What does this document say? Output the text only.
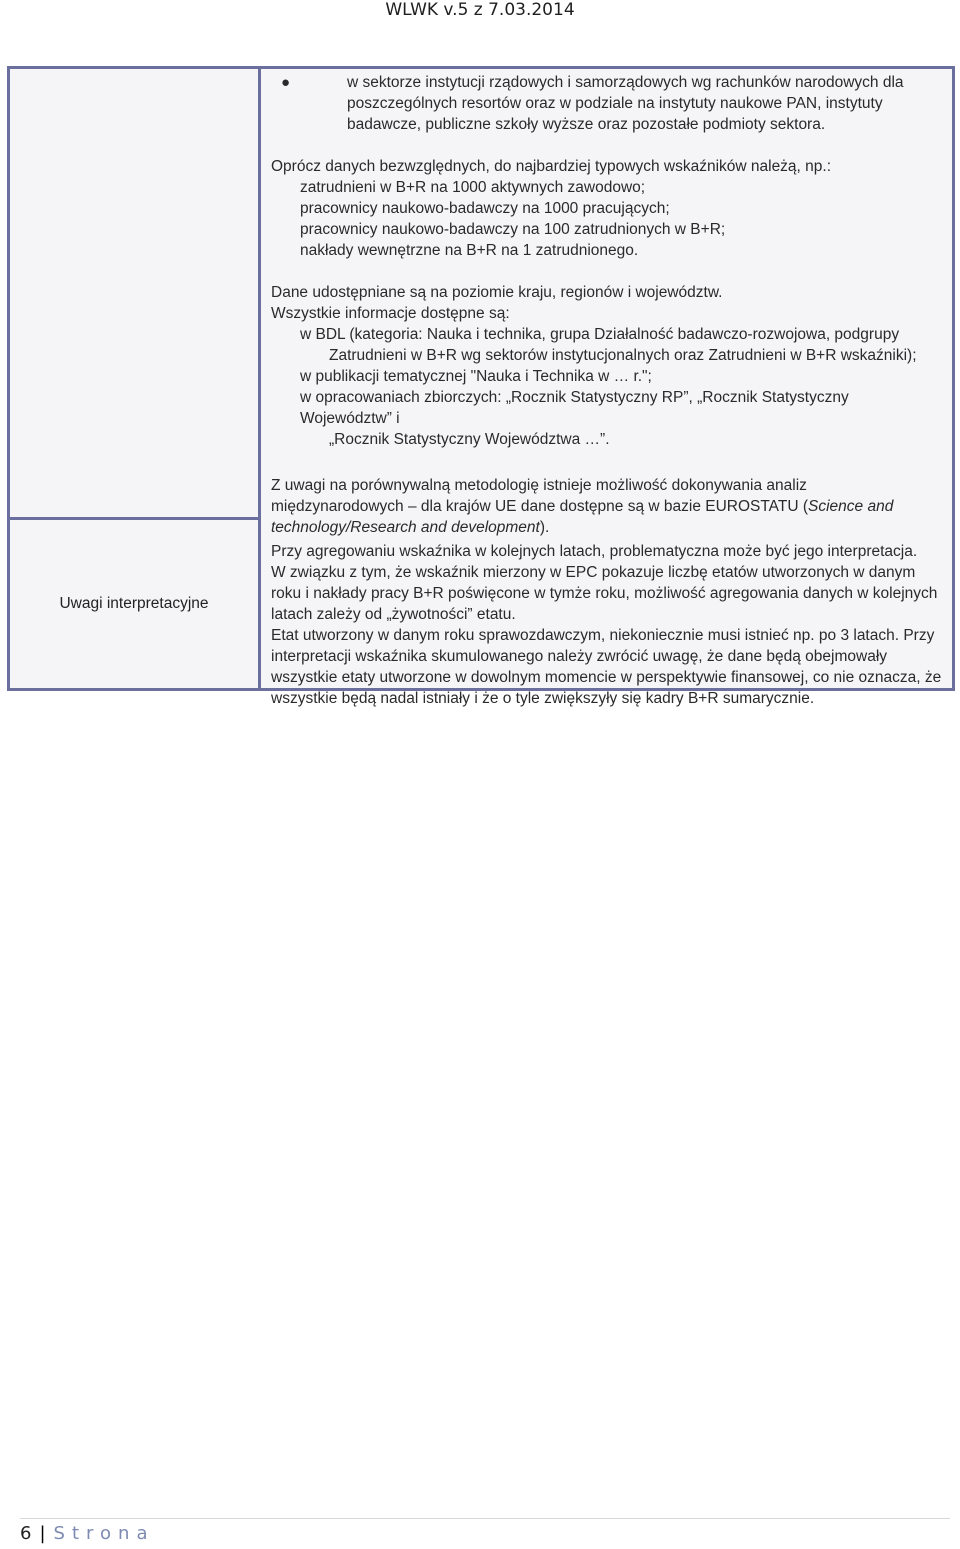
WLWK v.5 z 7.03.2014
Uwagi interpretacyjne
●	w sektorze instytucji rządowych i samorządowych wg rachunków narodowych dla poszczególnych resortów oraz w podziale na instytuty naukowe PAN, instytuty badawcze, publiczne szkoły wyższe oraz pozostałe podmioty sektora.

Oprócz danych bezwzględnych, do najbardziej typowych wskaźników należą, np.:

zatrudnieni w B+R na 1000 aktywnych zawodowo;

pracownicy naukowo-badawczy na 1000 pracujących;

pracownicy naukowo-badawczy na 100 zatrudnionych w B+R;

nakłady wewnętrzne na B+R na 1 zatrudnionego.

Dane udostępniane są na poziomie kraju, regionów i województw.

Wszystkie informacje dostępne są:

w BDL (kategoria: Nauka i technika, grupa Działalność badawczo-rozwojowa, podgrupy

Zatrudnieni w B+R wg sektorów instytucjonalnych oraz Zatrudnieni w B+R wskaźniki);

w publikacji tematycznej "Nauka i Technika w … r.";

w opracowaniach zbiorczych: „Rocznik Statystyczny RP”, „Rocznik Statystyczny Województw” i

„Rocznik Statystyczny Województwa …”.

Z uwagi na porównywalną metodologię istnieje możliwość dokonywania analiz międzynarodowych – dla krajów UE dane dostępne są w bazie EUROSTATU (Science and technology/Research and development).

Przy agregowaniu wskaźnika w kolejnych latach, problematyczna może być jego interpretacja.

W związku z tym, że wskaźnik mierzony w EPC pokazuje liczbę etatów utworzonych w danym roku i nakłady pracy B+R poświęcone w tymże roku, możliwość agregowania danych w kolejnych latach zależy od „żywotności” etatu.

Etat utworzony w danym roku sprawozdawczym, niekoniecznie musi istnieć np. po 3 latach. Przy interpretacji wskaźnika skumulowanego należy zwrócić uwagę, że dane będą obejmowały wszystkie etaty utworzone w dowolnym momencie w perspektywie finansowej, co nie oznacza, że wszystkie będą nadal istniały i że o tyle zwiększyły się kadry B+R sumarycznie.

6 | Strona
